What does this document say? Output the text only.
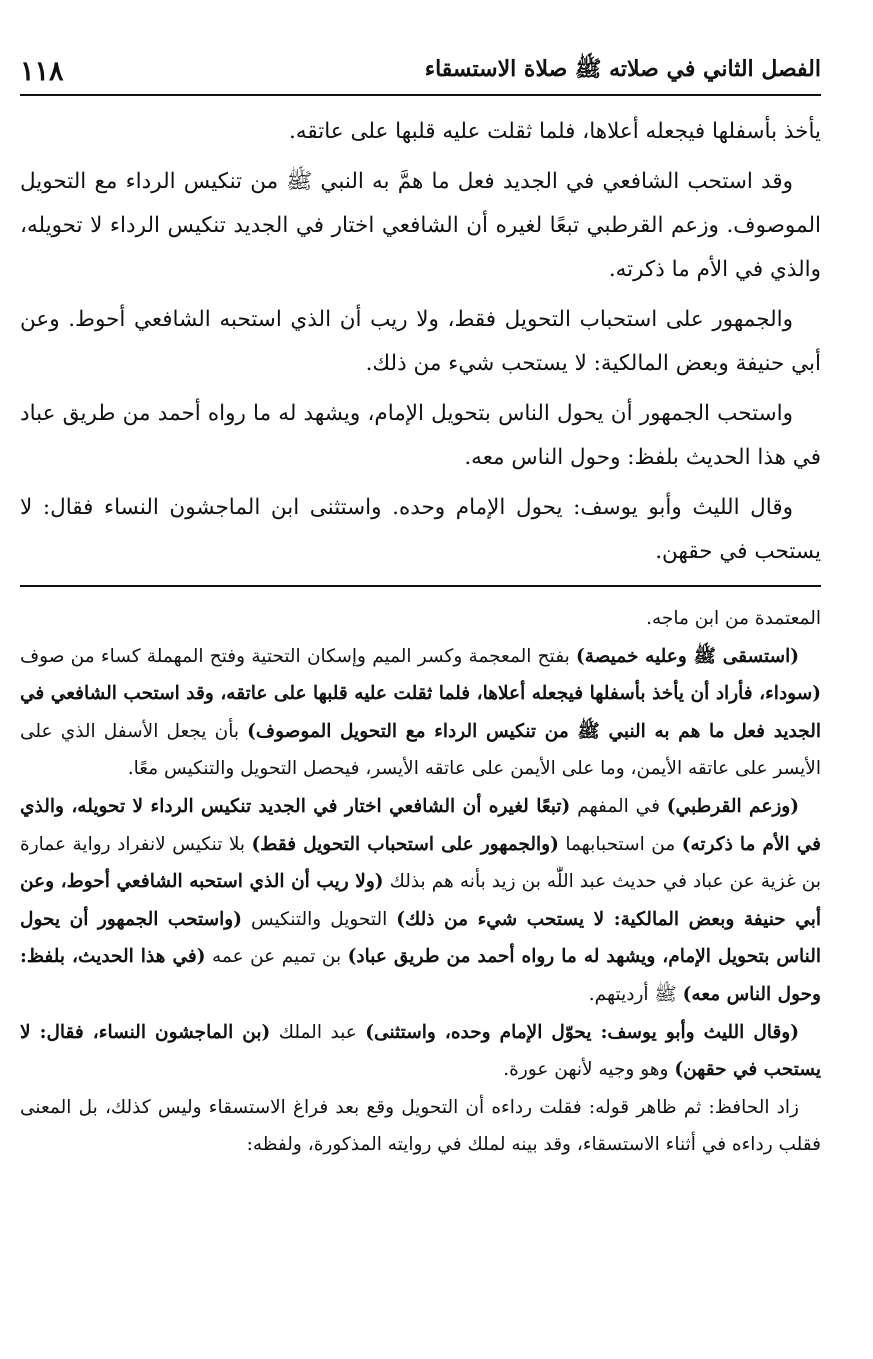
الفصل الثاني في صلاته ﷺ صلاة الاستسقاء
١١٨

يأخذ بأسفلها فيجعله أعلاها، فلما ثقلت عليه قلبها على عاتقه.

وقد استحب الشافعي في الجديد فعل ما همَّ به النبي ﷺ من تنكيس الرداء مع التحويل الموصوف. وزعم القرطبي تبعًا لغيره أن الشافعي اختار في الجديد تنكيس الرداء لا تحويله، والذي في الأم ما ذكرته.

والجمهور على استحباب التحويل فقط، ولا ريب أن الذي استحبه الشافعي أحوط. وعن أبي حنيفة وبعض المالكية: لا يستحب شيء من ذلك.

واستحب الجمهور أن يحول الناس بتحويل الإمام، ويشهد له ما رواه أحمد من طريق عباد في هذا الحديث بلفظ: وحول الناس معه.

وقال الليث وأبو يوسف: يحول الإمام وحده. واستثنى ابن الماجشون النساء فقال: لا يستحب في حقهن.

المعتمدة من ابن ماجه.

(استسقى ﷺ وعليه خميصة) بفتح المعجمة وكسر الميم وإسكان التحتية وفتح المهملة كساء من صوف (سوداء، فأراد أن يأخذ بأسفلها فيجعله أعلاها، فلما ثقلت عليه قلبها على عاتقه، وقد استحب الشافعي في الجديد فعل ما هم به النبي ﷺ من تنكيس الرداء مع التحويل الموصوف) بأن يجعل الأسفل الذي على الأيسر على عاتقه الأيمن، وما على الأيمن على عاتقه الأيسر، فيحصل التحويل والتنكيس معًا.

(وزعم القرطبي) في المفهم (تبعًا لغيره أن الشافعي اختار في الجديد تنكيس الرداء لا تحويله، والذي في الأم ما ذكرته) من استحبابهما (والجمهور على استحباب التحويل فقط) بلا تنكيس لانفراد رواية عمارة بن غزية عن عباد في حديث عبد اللّٰه بن زيد بأنه هم بذلك (ولا ريب أن الذي استحبه الشافعي أحوط، وعن أبي حنيفة وبعض المالكية: لا يستحب شيء من ذلك) التحويل والتنكيس (واستحب الجمهور أن يحول الناس بتحويل الإمام، ويشهد له ما رواه أحمد من طريق عباد) بن تميم عن عمه (في هذا الحديث، بلفظ: وحول الناس معه) ﷺ أرديتهم.

(وقال الليث وأبو يوسف: يحوّل الإمام وحده، واستثنى) عبد الملك (بن الماجشون النساء، فقال: لا يستحب في حقهن) وهو وجيه لأنهن عورة.

زاد الحافظ: ثم ظاهر قوله: فقلت رداءه أن التحويل وقع بعد فراغ الاستسقاء وليس كذلك، بل المعنى فقلب رداءه في أثناء الاستسقاء، وقد بينه لملك في روايته المذكورة، ولفظه:
